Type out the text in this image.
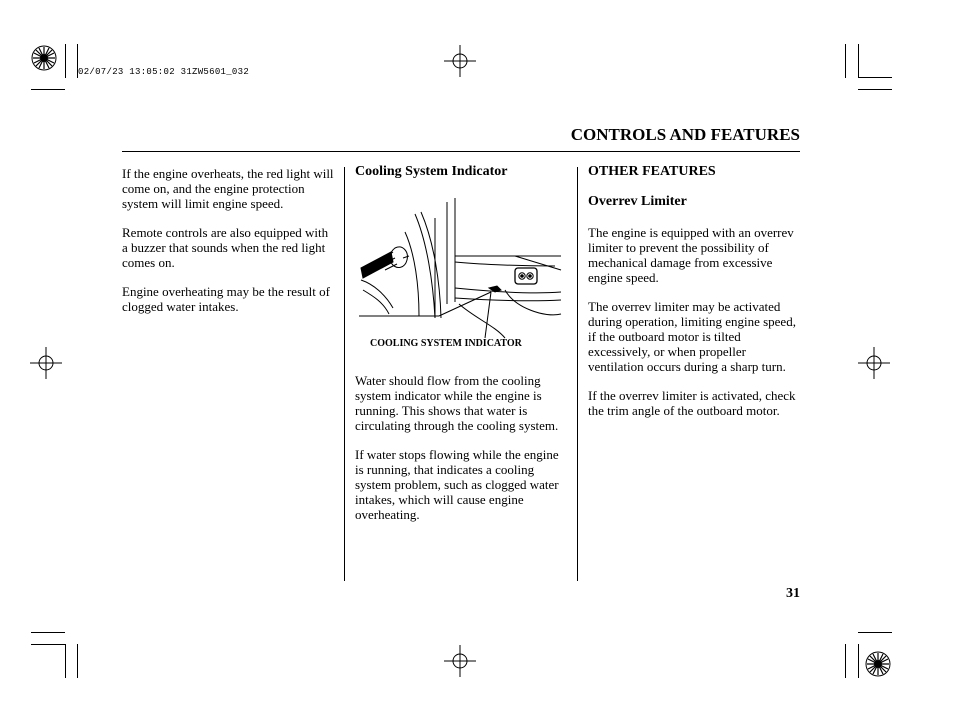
02/07/23 13:05:02 31ZW5601_032
CONTROLS AND FEATURES

If the engine overheats, the red light will come on, and the engine protection system will limit engine speed.

Remote controls are also equipped with a buzzer that sounds when the red light comes on.

Engine overheating may be the result of clogged water intakes.

Cooling System Indicator
COOLING SYSTEM INDICATOR

Water should flow from the cooling system indicator while the engine is running. This shows that water is circulating through the cooling system.

If water stops flowing while the engine is running, that indicates a cooling system problem, such as clogged water intakes, which will cause engine overheating.

OTHER FEATURES
Overrev Limiter

The engine is equipped with an overrev limiter to prevent the possibility of mechanical damage from excessive engine speed.

The overrev limiter may be activated during operation, limiting engine speed, if the outboard motor is tilted excessively, or when propeller ventilation occurs during a sharp turn.

If the overrev limiter is activated, check the trim angle of the outboard motor.

31
